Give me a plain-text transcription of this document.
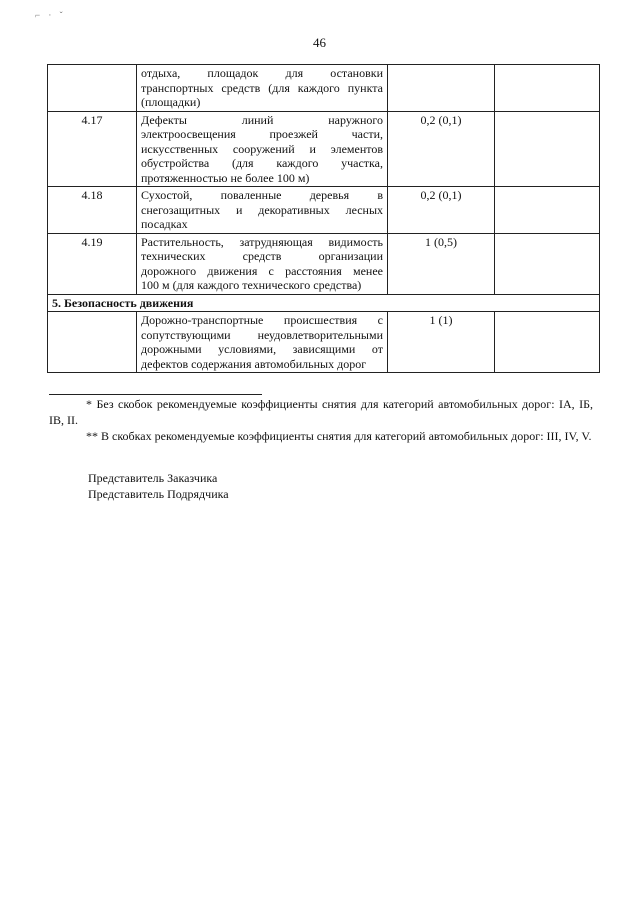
⌐ · ˇ
46

	отдыха, площадок для остановки
транспортных средств (для каждого пункта
(площадки)		

4.17	Дефекты линий наружного
электроосвещения проезжей части,
искусственных сооружений и элементов
обустройства (для каждого участка,
протяженностью не более 100 м)	0,2 (0,1)	
4.18	Сухостой, поваленные деревья в
снегозащитных и декоративных лесных
посадках	0,2 (0,1)	
4.19	Растительность, затрудняющая видимость
технических средств организации
дорожного движения с расстояния менее
100 м (для каждого технического средства)	1 (0,5)	
5. Безопасность движения			

	Дорожно-транспортные происшествия с
сопутствующими неудовлетворительными
дорожными условиями, зависящими от
дефектов содержания автомобильных дорог	1 (1)	

* Без скобок рекомендуемые коэффициенты снятия для категорий автомобильных дорог: IA, IБ, IB, II.

** В скобках рекомендуемые коэффициенты снятия для категорий автомобильных дорог: III, IV, V.

Представитель Заказчика
Представитель Подрядчика
